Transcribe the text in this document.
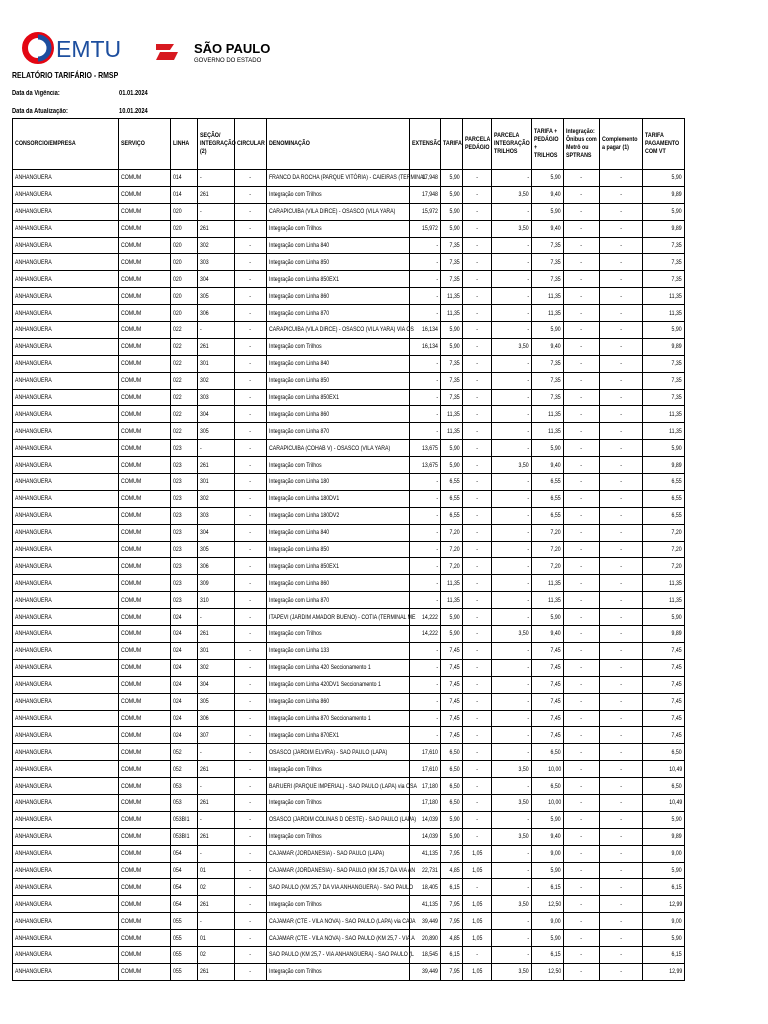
EMTU	SÃO PAULO
GOVERNO DO ESTADO
RELATÓRIO TARIFÁRIO - RMSP
Data da Vigência:	01.01.2024
Data da Atualização:	10.01.2024
CONSORCIO/EMPRESA	SERVIÇO	LINHA	SEÇÃO/ INTEGRAÇÃO (2)	CIRCULAR	DENOMINAÇÃO	EXTENSÃO	TARIFA	PARCELA PEDÁGIO	PARCELA INTEGRAÇÃO TRILHOS	TARIFA + PEDÁGIO + TRILHOS	Integração: Ônibus com Metrô ou SPTRANS	Complemento a pagar (1)	TARIFA PAGAMENTO COM VT
ANHANGUERA	COMUM	014	-	-	FRANCO DA ROCHA (PARQUE VITÓRIA) - CAIEIRAS (TERMINAL	17,948	5,90	-	-	5,90	-	-	5,90
ANHANGUERA	COMUM	014	261	-	Integração com Trilhos	17,948	5,90	-	3,50	9,40	-	-	9,89
ANHANGUERA	COMUM	020	-	-	CARAPICUIBA (VILA DIRCE) - OSASCO (VILA YARA)	15,972	5,90	-	-	5,90	-	-	5,90
ANHANGUERA	COMUM	020	261	-	Integração com Trilhos	15,972	5,90	-	3,50	9,40	-	-	9,89
ANHANGUERA	COMUM	020	302	-	Integração com Linha 840	-	7,35	-	-	7,35	-	-	7,35
ANHANGUERA	COMUM	020	303	-	Integração com Linha 850	-	7,35	-	-	7,35	-	-	7,35
ANHANGUERA	COMUM	020	304	-	Integração com Linha 850EX1	-	7,35	-	-	7,35	-	-	7,35
ANHANGUERA	COMUM	020	305	-	Integração com Linha 860	-	11,35	-	-	11,35	-	-	11,35
ANHANGUERA	COMUM	020	306	-	Integração com Linha 870	-	11,35	-	-	11,35	-	-	11,35
ANHANGUERA	COMUM	022	-	-	CARAPICUIBA (VILA DIRCE) - OSASCO (VILA YARA) VIA OS	16,134	5,90	-	-	5,90	-	-	5,90
ANHANGUERA	COMUM	022	261	-	Integração com Trilhos	16,134	5,90	-	3,50	9,40	-	-	9,89
ANHANGUERA	COMUM	022	301	-	Integração com Linha 840	-	7,35	-	-	7,35	-	-	7,35
ANHANGUERA	COMUM	022	302	-	Integração com Linha 850	-	7,35	-	-	7,35	-	-	7,35
ANHANGUERA	COMUM	022	303	-	Integração com Linha 850EX1	-	7,35	-	-	7,35	-	-	7,35
ANHANGUERA	COMUM	022	304	-	Integração com Linha 860	-	11,35	-	-	11,35	-	-	11,35
ANHANGUERA	COMUM	022	305	-	Integração com Linha 870	-	11,35	-	-	11,35	-	-	11,35
ANHANGUERA	COMUM	023	-	-	CARAPICUIBA (COHAB V) - OSASCO (VILA YARA)	13,675	5,90	-	-	5,90	-	-	5,90
ANHANGUERA	COMUM	023	261	-	Integração com Trilhos	13,675	5,90	-	3,50	9,40	-	-	9,89
ANHANGUERA	COMUM	023	301	-	Integração com Linha 180	-	6,55	-	-	6,55	-	-	6,55
ANHANGUERA	COMUM	023	302	-	Integração com Linha 180DV1	-	6,55	-	-	6,55	-	-	6,55
ANHANGUERA	COMUM	023	303	-	Integração com Linha 180DV2	-	6,55	-	-	6,55	-	-	6,55
ANHANGUERA	COMUM	023	304	-	Integração com Linha 840	-	7,20	-	-	7,20	-	-	7,20
ANHANGUERA	COMUM	023	305	-	Integração com Linha 850	-	7,20	-	-	7,20	-	-	7,20
ANHANGUERA	COMUM	023	306	-	Integração com Linha 850EX1	-	7,20	-	-	7,20	-	-	7,20
ANHANGUERA	COMUM	023	309	-	Integração com Linha 860	-	11,35	-	-	11,35	-	-	11,35
ANHANGUERA	COMUM	023	310	-	Integração com Linha 870	-	11,35	-	-	11,35	-	-	11,35
ANHANGUERA	COMUM	024	-	-	ITAPEVI (JARDIM AMADOR BUENO) - COTIA (TERMINAL ME	14,222	5,90	-	-	5,90	-	-	5,90
ANHANGUERA	COMUM	024	261	-	Integração com Trilhos	14,222	5,90	-	3,50	9,40	-	-	9,89
ANHANGUERA	COMUM	024	301	-	Integração com Linha 133	-	7,45	-	-	7,45	-	-	7,45
ANHANGUERA	COMUM	024	302	-	Integração com Linha 420 Seccionamento 1	-	7,45	-	-	7,45	-	-	7,45
ANHANGUERA	COMUM	024	304	-	Integração com Linha 420DV1 Seccionamento 1	-	7,45	-	-	7,45	-	-	7,45
ANHANGUERA	COMUM	024	305	-	Integração com Linha 860	-	7,45	-	-	7,45	-	-	7,45
ANHANGUERA	COMUM	024	306	-	Integração com Linha 870 Seccionamento 1	-	7,45	-	-	7,45	-	-	7,45
ANHANGUERA	COMUM	024	307	-	Integração com Linha 870EX1	-	7,45	-	-	7,45	-	-	7,45
ANHANGUERA	COMUM	052	-	-	OSASCO (JARDIM ELVIRA) - SAO PAULO (LAPA)	17,610	6,50	-	-	6,50	-	-	6,50
ANHANGUERA	COMUM	052	261	-	Integração com Trilhos	17,610	6,50	-	3,50	10,00	-	-	10,49
ANHANGUERA	COMUM	053	-	-	BARUERI (PARQUE IMPERIAL) - SAO PAULO (LAPA) via OSA	17,180	6,50	-	-	6,50	-	-	6,50
ANHANGUERA	COMUM	053	261	-	Integração com Trilhos	17,180	6,50	-	3,50	10,00	-	-	10,49
ANHANGUERA	COMUM	053BI1	-	-	OSASCO (JARDIM COLINAS D OESTE) - SAO PAULO (LAPA)	14,039	5,90	-	-	5,90	-	-	5,90
ANHANGUERA	COMUM	053BI1	261	-	Integração com Trilhos	14,039	5,90	-	3,50	9,40	-	-	9,89
ANHANGUERA	COMUM	054	-	-	CAJAMAR (JORDANESIA) - SAO PAULO (LAPA)	41,135	7,95	1,05	-	9,00	-	-	9,00
ANHANGUERA	COMUM	054	01	-	CAJAMAR (JORDANESIA) - SAO PAULO (KM 25,7 DA VIA AN	22,731	4,85	1,05	-	5,90	-	-	5,90
ANHANGUERA	COMUM	054	02	-	SAO PAULO (KM 25,7 DA VIA ANHANGUERA) - SAO PAULO	18,405	6,15	-	-	6,15	-	-	6,15
ANHANGUERA	COMUM	054	261	-	Integração com Trilhos	41,135	7,95	1,05	3,50	12,50	-	-	12,99
ANHANGUERA	COMUM	055	-	-	CAJAMAR (CTE - VILA NOVA) - SAO PAULO (LAPA) via CAJA	39,449	7,95	1,05	-	9,00	-	-	9,00
ANHANGUERA	COMUM	055	01	-	CAJAMAR (CTE - VILA NOVA) - SAO PAULO (KM 25,7 - VIA A	20,890	4,85	1,05	-	5,90	-	-	5,90
ANHANGUERA	COMUM	055	02	-	SAO PAULO (KM 25,7 - VIA ANHANGUERA) - SAO PAULO (L	18,545	6,15	-	-	6,15	-	-	6,15
ANHANGUERA	COMUM	055	261	-	Integração com Trilhos	39,449	7,95	1,05	3,50	12,50	-	-	12,99
